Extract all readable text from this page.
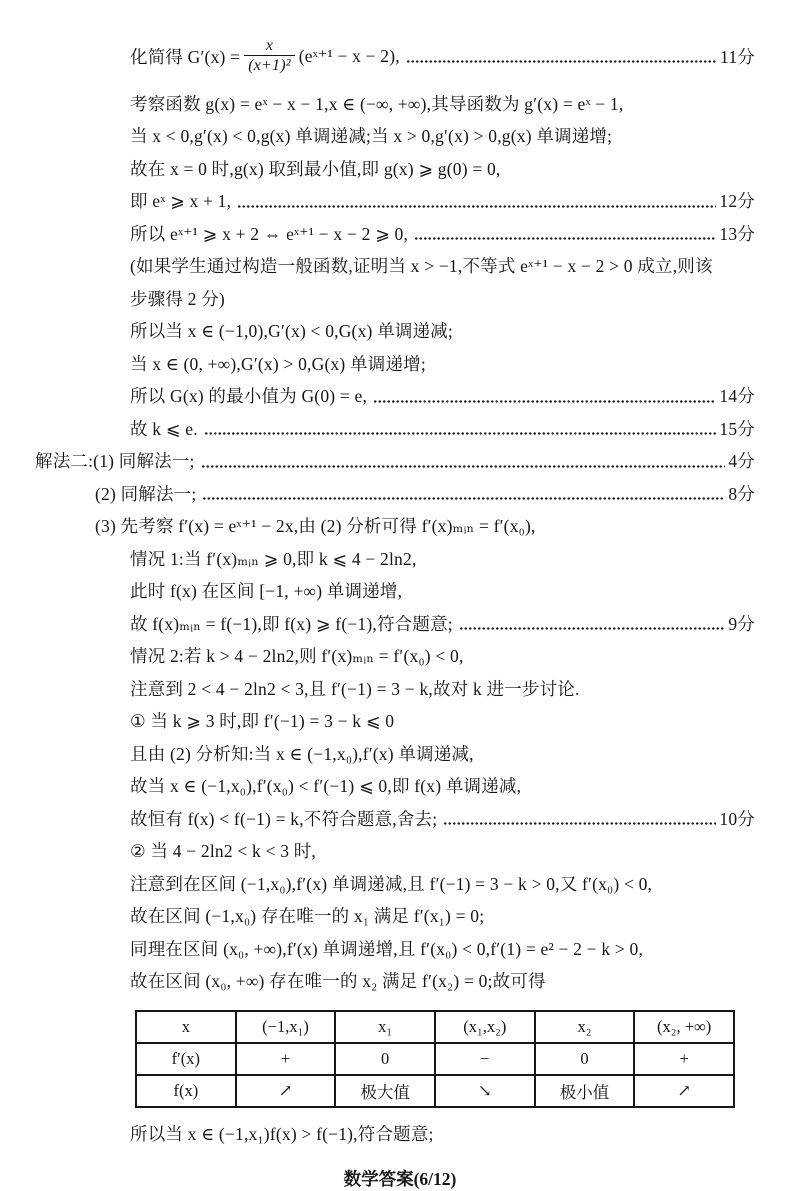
化简得 $G'(x) = \frac{x}{\text{(x+1)²}}$ (eˣ⁺¹ − x − 2),	11分
考察函数 g(x) = eˣ − x − 1,x ∈ (−∞, +∞),其导函数为 g′(x) = eˣ − 1,
当 x < 0,g′(x) < 0,g(x) 单调递减;当 x > 0,g′(x) > 0,g(x) 单调递增;
故在 x = 0 时,g(x) 取到最小值,即 g(x) ⩾ g(0) = 0,
即 eˣ ⩾ x + 1,	12分
所以 eˣ⁺¹ ⩾ x + 2 ⇔ eˣ⁺¹ − x − 2 ⩾ 0,	13分
(如果学生通过构造一般函数,证明当 x > −1,不等式 eˣ⁺¹ − x − 2 > 0 成立,则该
步骤得 2 分)
所以当 x ∈ (−1,0),G′(x) < 0,G(x) 单调递减;
当 x ∈ (0, +∞),G′(x) > 0,G(x) 单调递增;
所以 G(x) 的最小值为 G(0) = e,	14分
故 k ⩽ e.	15分
解法二:(1) 同解法一;	4分
(2) 同解法一;	8分
(3) 先考察 f′(x) = eˣ⁺¹ − 2x,由 (2) 分析可得 f′(x)ₘᵢₙ = f′(x₀),
情况 1:当 f′(x)ₘᵢₙ ⩾ 0,即 k ⩽ 4 − 2ln2,
此时 f(x) 在区间 [−1, +∞) 单调递增,
故 f(x)ₘᵢₙ = f(−1),即 f(x) ⩾ f(−1),符合题意;	9分
情况 2:若 k > 4 − 2ln2,则 f′(x)ₘᵢₙ = f′(x₀) < 0,
注意到 2 < 4 − 2ln2 < 3,且 f′(−1) = 3 − k,故对 k 进一步讨论.
① 当 k ⩾ 3 时,即 f′(−1) = 3 − k ⩽ 0
且由 (2) 分析知:当 x ∈ (−1,x₀),f′(x) 单调递减,
故当 x ∈ (−1,x₀),f′(x₀) < f′(−1) ⩽ 0,即 f(x) 单调递减,
故恒有 f(x) < f(−1) = k,不符合题意,舍去;	10分
② 当 4 − 2ln2 < k < 3 时,
注意到在区间 (−1,x₀),f′(x) 单调递减,且 f′(−1) = 3 − k > 0,又 f′(x₀) < 0,
故在区间 (−1,x₀) 存在唯一的 x₁ 满足 f′(x₁) = 0;
同理在区间 (x₀, +∞),f′(x) 单调递增,且 f′(x₀) < 0,f′(1) = e² − 2 − k > 0,
故在区间 (x₀, +∞) 存在唯一的 x₂ 满足 f′(x₂) = 0;故可得
x	(−1,x₁)	x₁	(x₁,x₂)	x₂	(x₂, +∞)
f′(x)	+	0	−	0	+
f(x)	↗	极大值	↘	极小值	↗
所以当 x ∈ (−1,x₁)f(x) > f(−1),符合题意;
数学答案(6/12)
